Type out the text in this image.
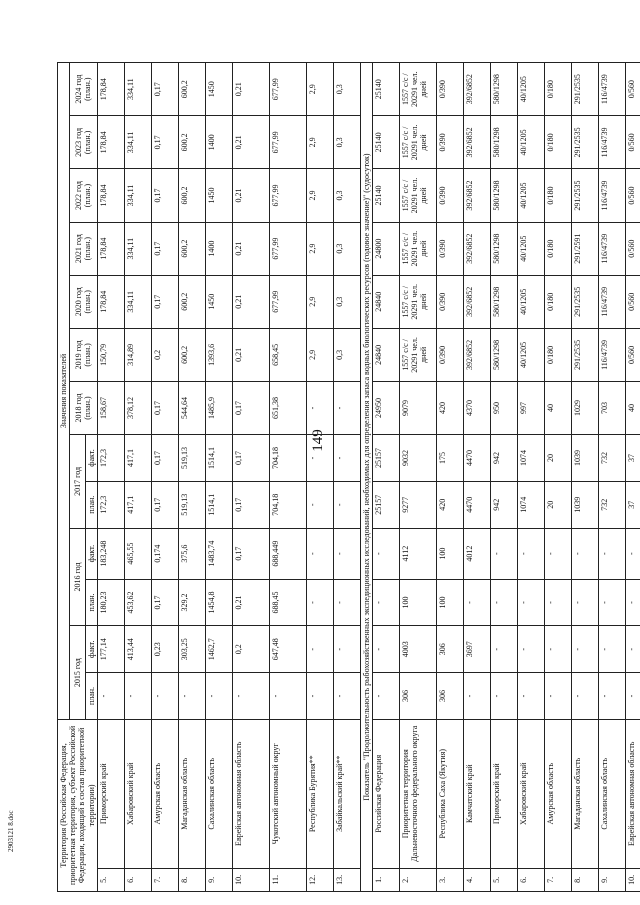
149
2903121 8.doc	Территория (Российская Федерация, приоритетная территория, субъект Российской Федерации, входящий в состав приоритетной территории)		Значения показателей												
		2015 год		2016 год		2017 год		2018 год (план.)	2019 год (план.)	2020 год (план.)	2021 год (план.)	2022 год (план.)	2023 год (план.)	2024 год (план.)
		план.	факт.	план.	факт.	план.	факт.							
5.	Приморский край	-	177,14	180,23	183,248	172,3	172,3	158,67	150,79	178,84	178,84	178,84	178,84	178,84
6.	Хабаровский край	-	413,44	453,62	465,55	417,1	417,1	378,12	314,89	334,11	334,11	334,11	334,11	334,11
7.	Амурская область	-	0,23	0,17	0,174	0,17	0,17	0,17	0,2	0,17	0,17	0,17	0,17	0,17
8.	Магаданская область	-	303,25	329,2	375,6	519,13	519,13	544,64	600,2	600,2	600,2	600,2	600,2	600,2
9.	Сахалинская область	-	1462,7	1454,8	1483,74	1514,1	1514,1	1485,9	1393,6	1450	1400	1450	1400	1450
10.	Еврейская автономная область	-	0,2	0,21	0,17	0,17	0,17	0,17	0,21	0,21	0,21	0,21	0,21	0,21
11.	Чукотский автономный округ	-	647,48	688,45	688,449	704,18	704,18	651,38	658,45	677,99	677,99	677,99	677,99	677,99
12.	Республика Бурятия**	-	-	-	-	-	-	-	2,9	2,9	2,9	2,9	2,9	2,9
13.	Забайкальский край**	-	-	-	-	-	-	-	0,3	0,3	0,3	0,3	0,3	0,3
Показатель "Продолжительность рыбохозяйственных экспедиционных исследований, необходимых для определения запаса водных биологических ресурсов (годовое значение)" (судосуток)														
1.	Российская Федерация	-	-	-	-	25157	25157	24950	24840	24840	24800	25140	25140	25140
2.	Приоритетная территория Дальневосточного федерального округа	306	4003	100	4112	9277	9032	9079	1557 с/с / 20291 чел. дней	1557 с/с / 20291 чел. дней	1557 с/с / 20291 чел. дней	1557 с/с / 20291 чел. дней	1557 с/с / 20291 чел. дней	1557 с/с / 20291 чел. дней
3.	Республика Саха (Якутия)	306	306	100	100	420	175	420	0/390	0/390	0/390	0/390	0/390	0/390
4.	Камчатский край	-	3697	-	4012	4470	4470	4370	392/6852	392/6852	392/6852	392/6852	392/6852	392/6852
5.	Приморский край	-	-	-	-	942	942	950	580/1298	580/1298	580/1298	580/1298	580/1298	580/1298
6.	Хабаровский край	-	-	-	-	1074	1074	997	40/1205	40/1205	40/1205	40/1205	40/1205	40/1205
7.	Амурская область	-	-	-	-	20	20	40	0/180	0/180	0/180	0/180	0/180	0/180
8.	Магаданская область	-	-	-	-	1039	1039	1029	291/2535	291/2535	291/2591	291/2535	291/2535	291/2535
9.	Сахалинская область	-	-	-	-	732	732	703	116/4739	116/4739	116/4739	116/4739	116/4739	116/4739
10.	Еврейская автономная область	-	-	-	-	37	37	40	0/560	0/560	0/560	0/560	0/560	0/560
